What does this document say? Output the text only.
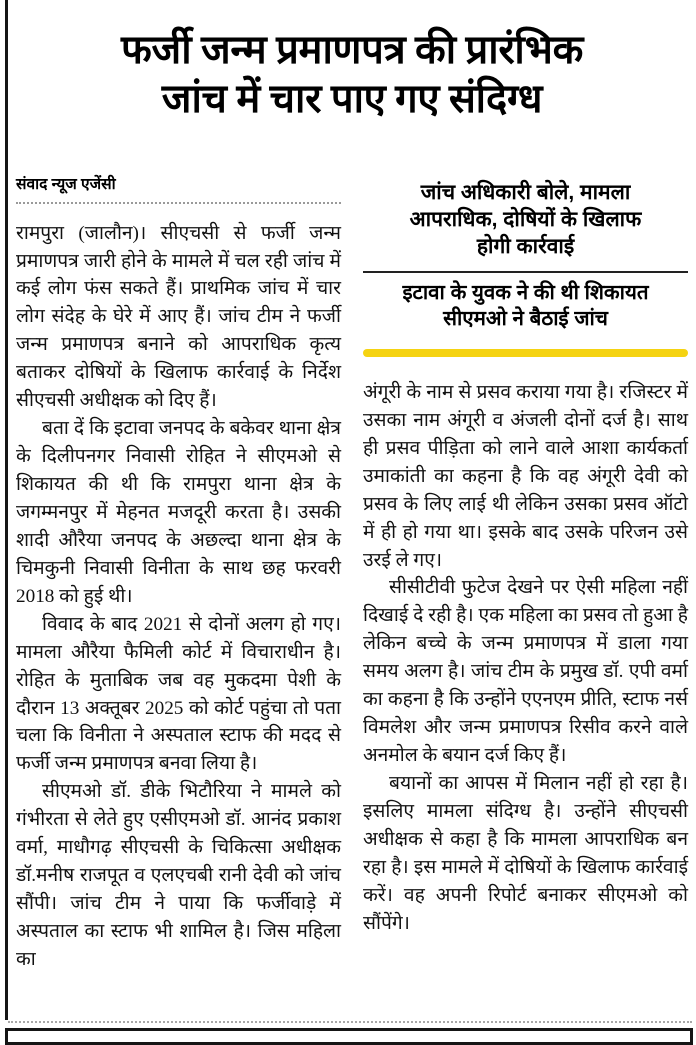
फर्जी जन्म प्रमाणपत्र की प्रारंभिक
जांच में चार पाए गए संदिग्ध
संवाद न्यूज एजेंसी

रामपुरा (जालौन)। सीएचसी से फर्जी जन्म प्रमाणपत्र जारी होने के मामले में चल रही जांच में कई लोग फंस सकते हैं। प्राथमिक जांच में चार लोग संदेह के घेरे में आए हैं। जांच टीम ने फर्जी जन्म प्रमाणपत्र बनाने को आपराधिक कृत्य बताकर दोषियों के खिलाफ कार्रवाई के निर्देश सीएचसी अधीक्षक को दिए हैं।

बता दें कि इटावा जनपद के बकेवर थाना क्षेत्र के दिलीपनगर निवासी रोहित ने सीएमओ से शिकायत की थी कि रामपुरा थाना क्षेत्र के जगम्मनपुर में मेहनत मजदूरी करता है। उसकी शादी औरैया जनपद के अछल्दा थाना क्षेत्र के चिमकुनी निवासी विनीता के साथ छह फरवरी 2018 को हुई थी।

विवाद के बाद 2021 से दोनों अलग हो गए। मामला औरैया फैमिली कोर्ट में विचाराधीन है। रोहित के मुताबिक जब वह मुकदमा पेशी के दौरान 13 अक्तूबर 2025 को कोर्ट पहुंचा तो पता चला कि विनीता ने अस्पताल स्टाफ की मदद से फर्जी जन्म प्रमाणपत्र बनवा लिया है।

सीएमओ डॉ. डीके भिटौरिया ने मामले को गंभीरता से लेते हुए एसीएमओ डॉ. आनंद प्रकाश वर्मा, माधौगढ़ सीएचसी के चिकित्सा अधीक्षक डॉ.मनीष राजपूत व एलएचबी रानी देवी को जांच सौंपी। जांच टीम ने पाया कि फर्जीवाड़े में अस्पताल का स्टाफ भी शामिल है। जिस महिला का

जांच अधिकारी बोले, मामला
आपराधिक, दोषियों के खिलाफ
होगी कार्रवाई
इटावा के युवक ने की थी शिकायत
सीएमओ ने बैठाई जांच

अंगूरी के नाम से प्रसव कराया गया है। रजिस्टर में उसका नाम अंगूरी व अंजली दोनों दर्ज है। साथ ही प्रसव पीड़िता को लाने वाले आशा कार्यकर्ता उमाकांती का कहना है कि वह अंगूरी देवी को प्रसव के लिए लाई थी लेकिन उसका प्रसव ऑटो में ही हो गया था। इसके बाद उसके परिजन उसे उरई ले गए।

सीसीटीवी फुटेज देखने पर ऐसी महिला नहीं दिखाई दे रही है। एक महिला का प्रसव तो हुआ है लेकिन बच्चे के जन्म प्रमाणपत्र में डाला गया समय अलग है। जांच टीम के प्रमुख डॉ. एपी वर्मा का कहना है कि उन्होंने एएनएम प्रीति, स्टाफ नर्स विमलेश और जन्म प्रमाणपत्र रिसीव करने वाले अनमोल के बयान दर्ज किए हैं।

बयानों का आपस में मिलान नहीं हो रहा है। इसलिए मामला संदिग्ध है। उन्होंने सीएचसी अधीक्षक से कहा है कि मामला आपराधिक बन रहा है। इस मामले में दोषियों के खिलाफ कार्रवाई करें। वह अपनी रिपोर्ट बनाकर सीएमओ को सौंपेंगे।
